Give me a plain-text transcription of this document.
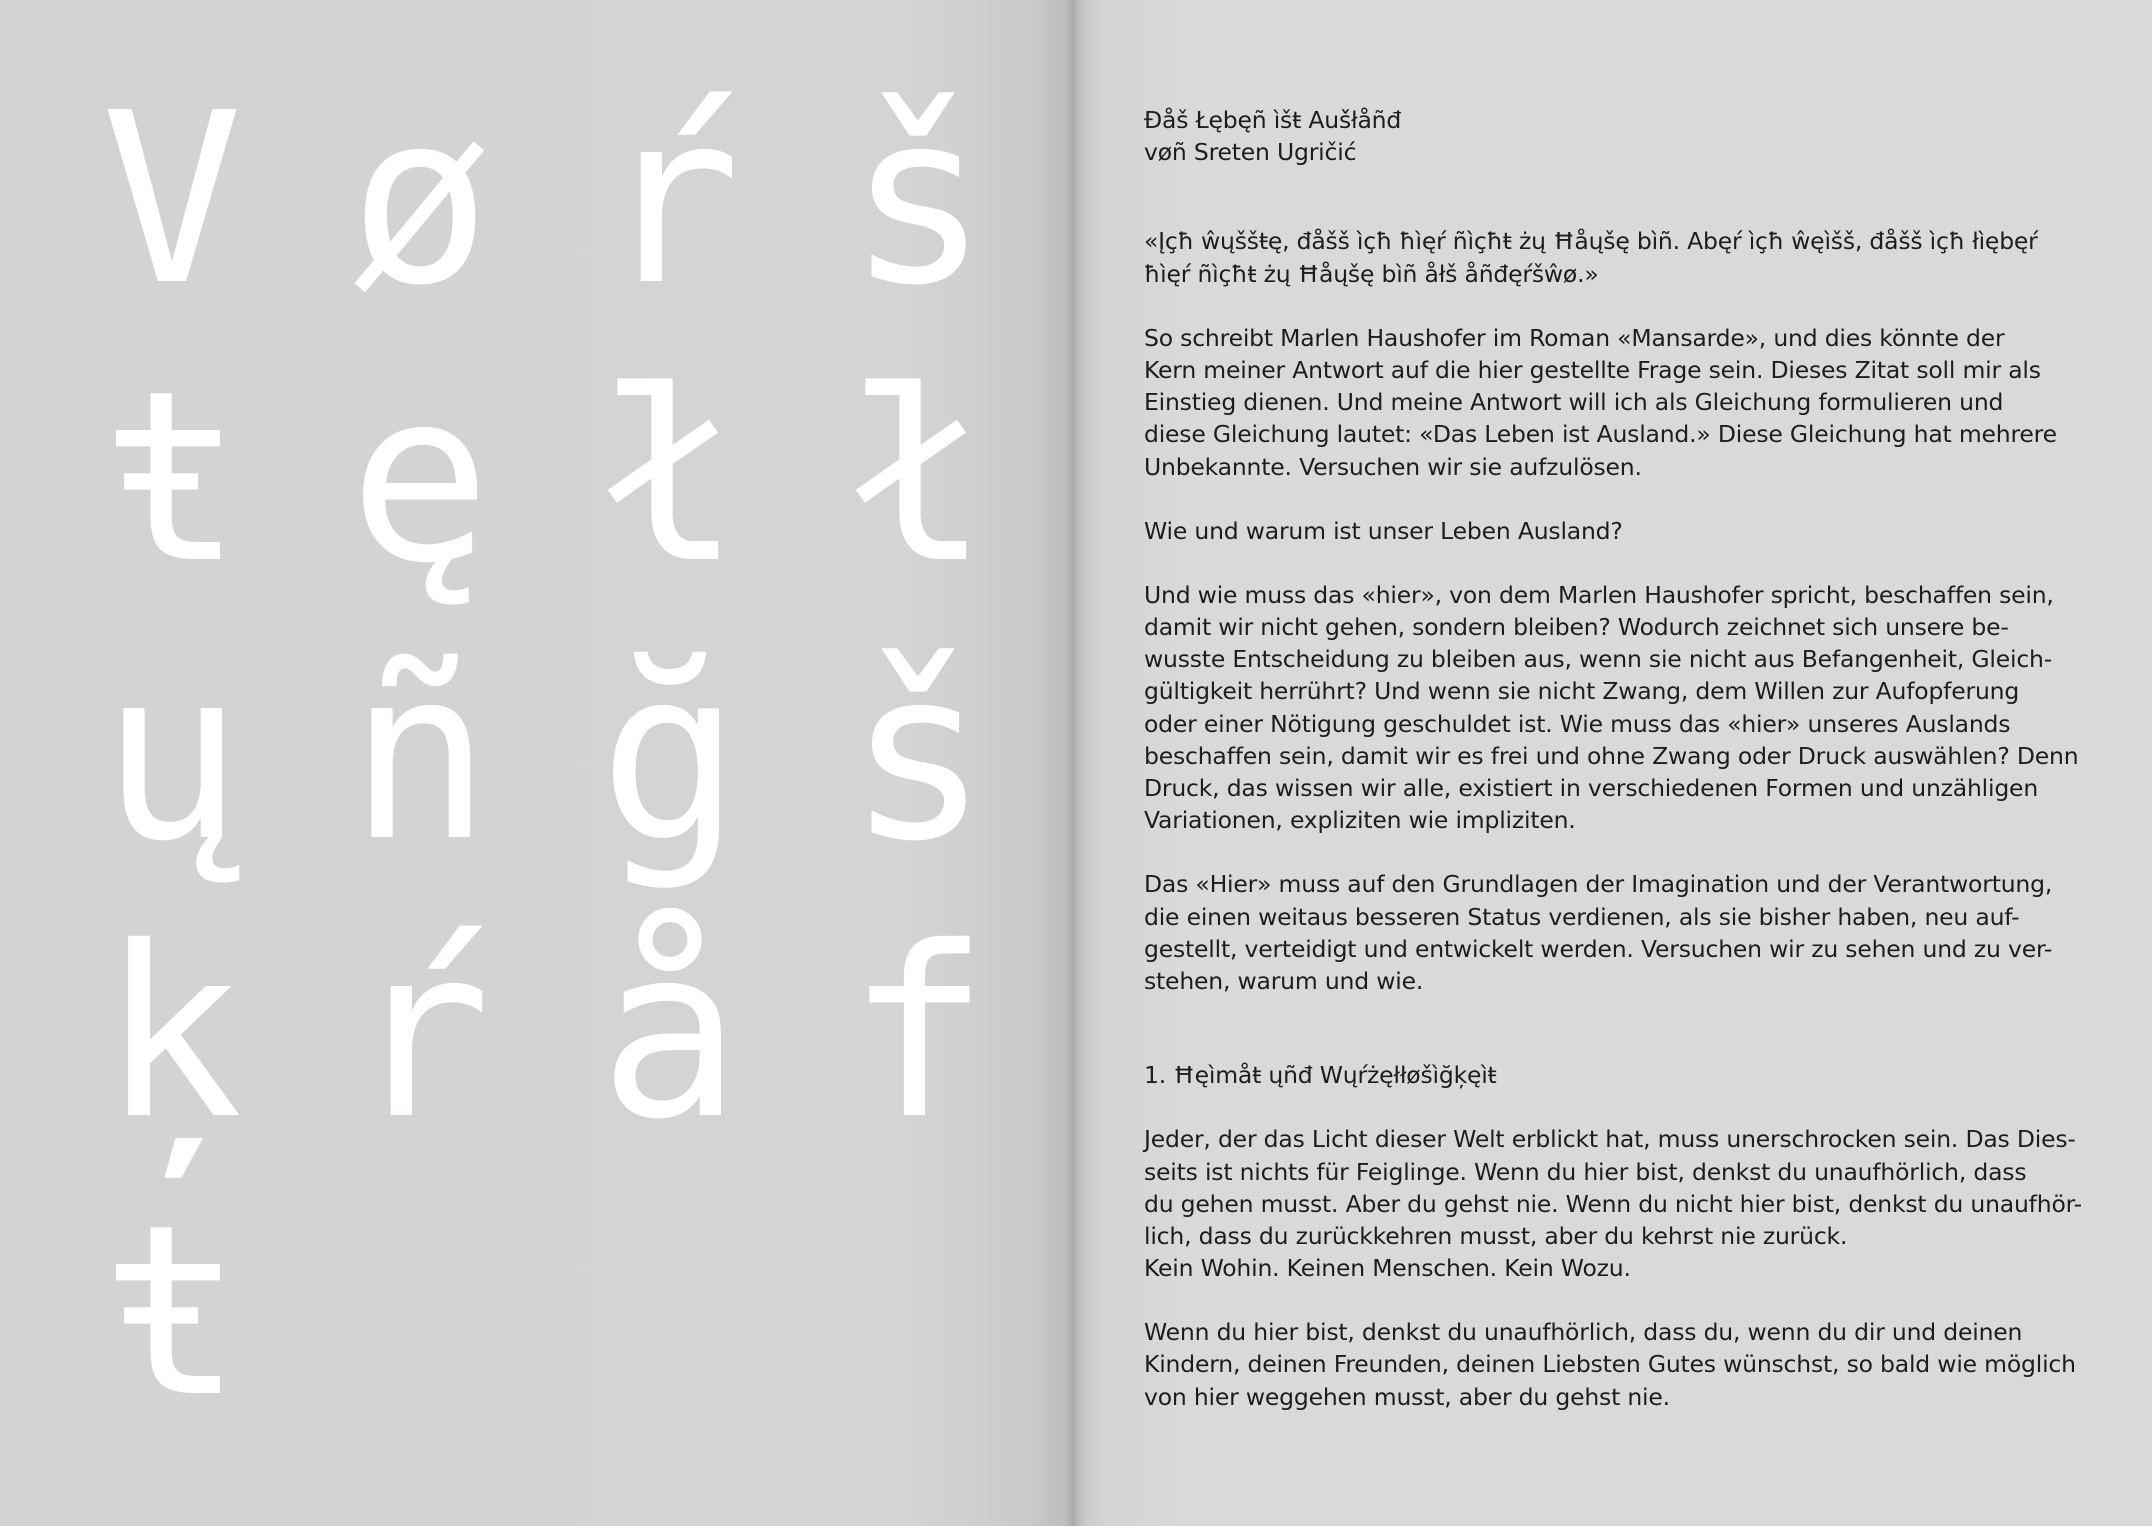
V ø ŕ š
ŧ ę ł ł
ų ñ ğ š
ķ ŕ å f
ŧ
Đåš Łębęñ ìšŧ Auš̌łåñđ
vøñ Sreten Ugričić
«Įçħ ŵųššŧę, đåšš ìçħ ħìęŕ ñìçħŧ żų Ħåųšę bìñ. Abęŕ ìçħ ŵęìšš, đåšš ìçħ łìębęŕ
ħìęŕ ñìçħŧ żų Ħåųšę bìñ åłš åñđęŕšŵø.»
So schreibt Marlen Haushofer im Roman «Mansarde», und dies könnte der
Kern meiner Antwort auf die hier gestellte Frage sein. Dieses Zitat soll mir als
Einstieg dienen. Und meine Antwort will ich als Gleichung formulieren und
diese Gleichung lautet: «Das Leben ist Ausland.» Diese Gleichung hat mehrere
Unbekannte. Versuchen wir sie aufzulösen.
Wie und warum ist unser Leben Ausland?
Und wie muss das «hier», von dem Marlen Haushofer spricht, beschaffen sein,
damit wir nicht gehen, sondern bleiben? Wodurch zeichnet sich unsere be-
wusste Entscheidung zu bleiben aus, wenn sie nicht aus Befangenheit, Gleich-
gültigkeit herrührt? Und wenn sie nicht Zwang, dem Willen zur Aufopferung
oder einer Nötigung geschuldet ist. Wie muss das «hier» unseres Auslands
beschaffen sein, damit wir es frei und ohne Zwang oder Druck auswählen? Denn
Druck, das wissen wir alle, existiert in verschiedenen Formen und unzähligen
Variationen, expliziten wie impliziten.
Das «Hier» muss auf den Grundlagen der Imagination und der Verantwortung,
die einen weitaus besseren Status verdienen, als sie bisher haben, neu auf-
gestellt, verteidigt und entwickelt werden. Versuchen wir zu sehen und zu ver-
stehen, warum und wie.
1. Ħęìmåŧ ųñđ Wųŕżęłłøšìğķęìŧ
Jeder, der das Licht dieser Welt erblickt hat, muss unerschrocken sein. Das Dies-
seits ist nichts für Feiglinge. Wenn du hier bist, denkst du unaufhörlich, dass
du gehen musst. Aber du gehst nie. Wenn du nicht hier bist, denkst du unaufhör-
lich, dass du zurückkehren musst, aber du kehrst nie zurück.
Kein Wohin. Keinen Menschen. Kein Wozu.
Wenn du hier bist, denkst du unaufhörlich, dass du, wenn du dir und deinen
Kindern, deinen Freunden, deinen Liebsten Gutes wünschst, so bald wie möglich
von hier weggehen musst, aber du gehst nie.
